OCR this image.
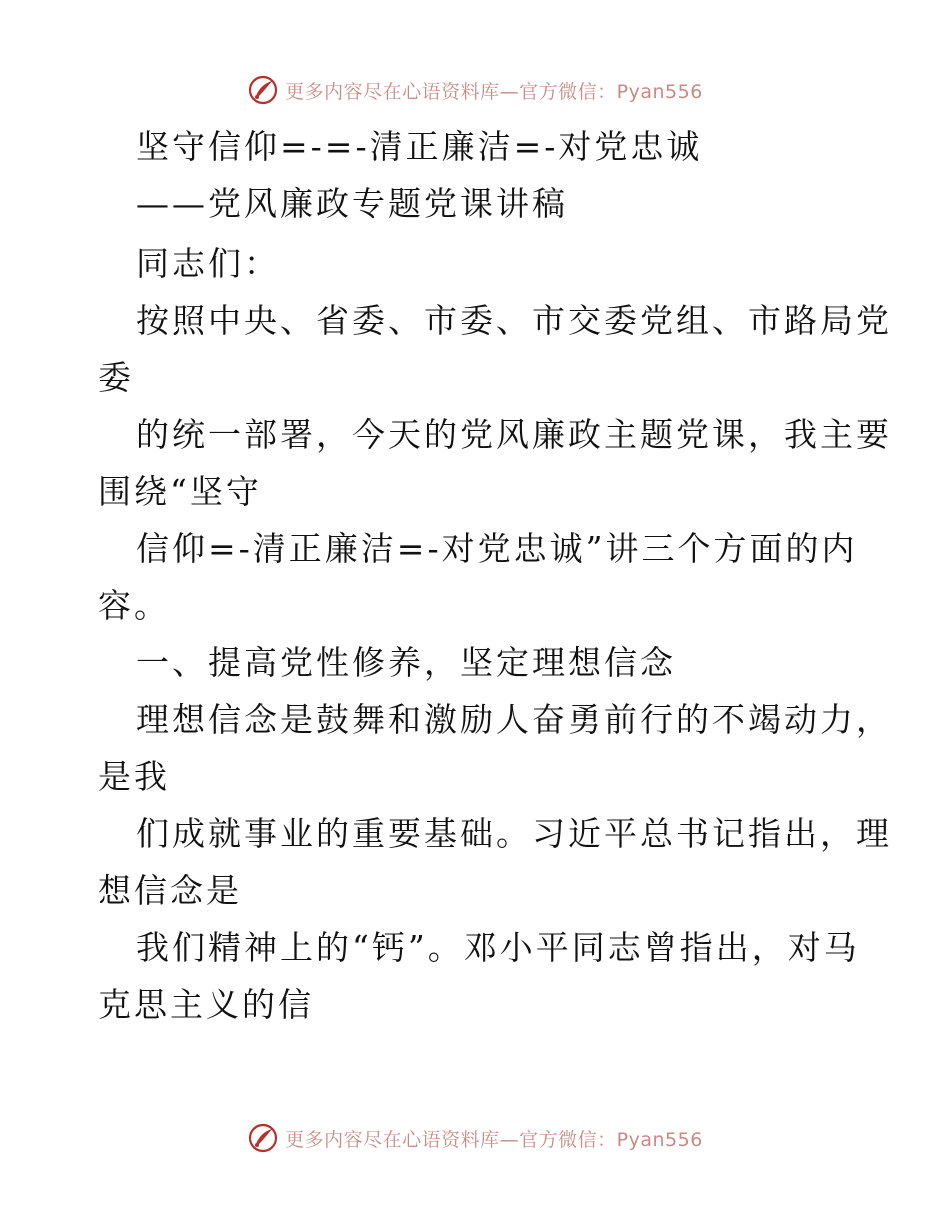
更多内容尽在心语资料库—官方微信：Pyan556
坚守信仰=-=-清正廉洁=-对党忠诚
——党风廉政专题党课讲稿
同志们：
按照中央、省委、市委、市交委党组、市路局党
委
的统一部署，今天的党风廉政主题党课，我主要
围绕“坚守
信仰=-清正廉洁=-对党忠诚”讲三个方面的内
容。
一、提高党性修养，坚定理想信念
理想信念是鼓舞和激励人奋勇前行的不竭动力，
是我
们成就事业的重要基础。习近平总书记指出，理
想信念是
我们精神上的“钙”。邓小平同志曾指出，对马
克思主义的信
更多内容尽在心语资料库—官方微信：Pyan556
